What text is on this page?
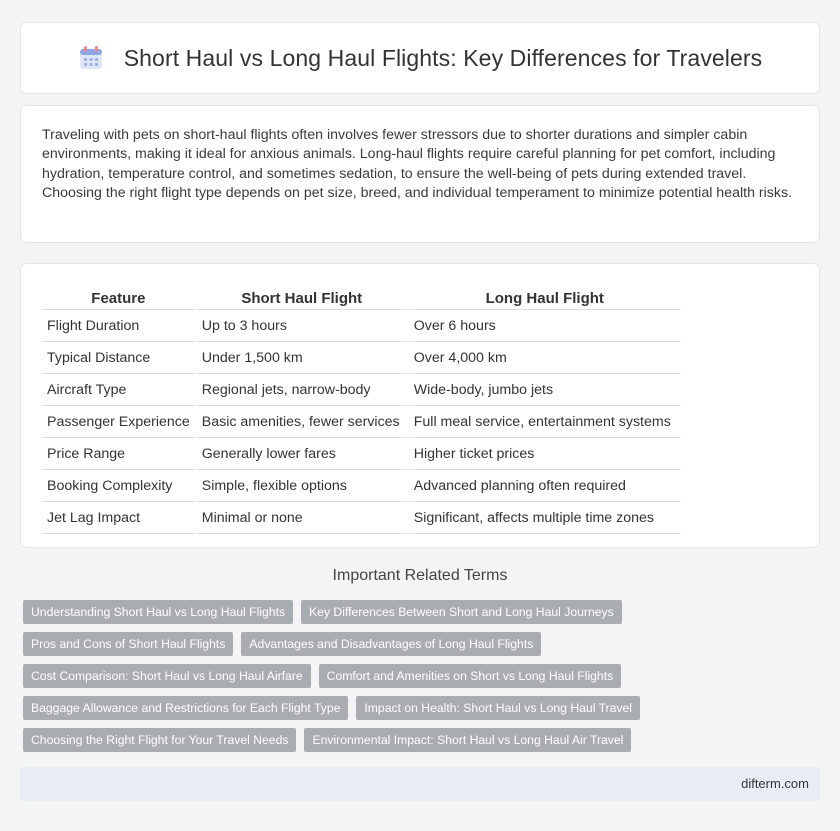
Short Haul vs Long Haul Flights: Key Differences for Travelers

Traveling with pets on short-haul flights often involves fewer stressors due to shorter durations and simpler cabin environments, making it ideal for anxious animals. Long-haul flights require careful planning for pet comfort, including hydration, temperature control, and sometimes sedation, to ensure the well-being of pets during extended travel. Choosing the right flight type depends on pet size, breed, and individual temperament to minimize potential health risks.

Feature	Short Haul Flight	Long Haul Flight
Flight Duration	Up to 3 hours	Over 6 hours
Typical Distance	Under 1,500 km	Over 4,000 km
Aircraft Type	Regional jets, narrow-body	Wide-body, jumbo jets
Passenger Experience	Basic amenities, fewer services	Full meal service, entertainment systems
Price Range	Generally lower fares	Higher ticket prices
Booking Complexity	Simple, flexible options	Advanced planning often required
Jet Lag Impact	Minimal or none	Significant, affects multiple time zones
Important Related Terms
Understanding Short Haul vs Long Haul Flights	Key Differences Between Short and Long Haul Journeys
Pros and Cons of Short Haul Flights	Advantages and Disadvantages of Long Haul Flights
Cost Comparison: Short Haul vs Long Haul Airfare	Comfort and Amenities on Short vs Long Haul Flights
Baggage Allowance and Restrictions for Each Flight Type	Impact on Health: Short Haul vs Long Haul Travel
Choosing the Right Flight for Your Travel Needs	Environmental Impact: Short Haul vs Long Haul Air Travel
difterm.com
